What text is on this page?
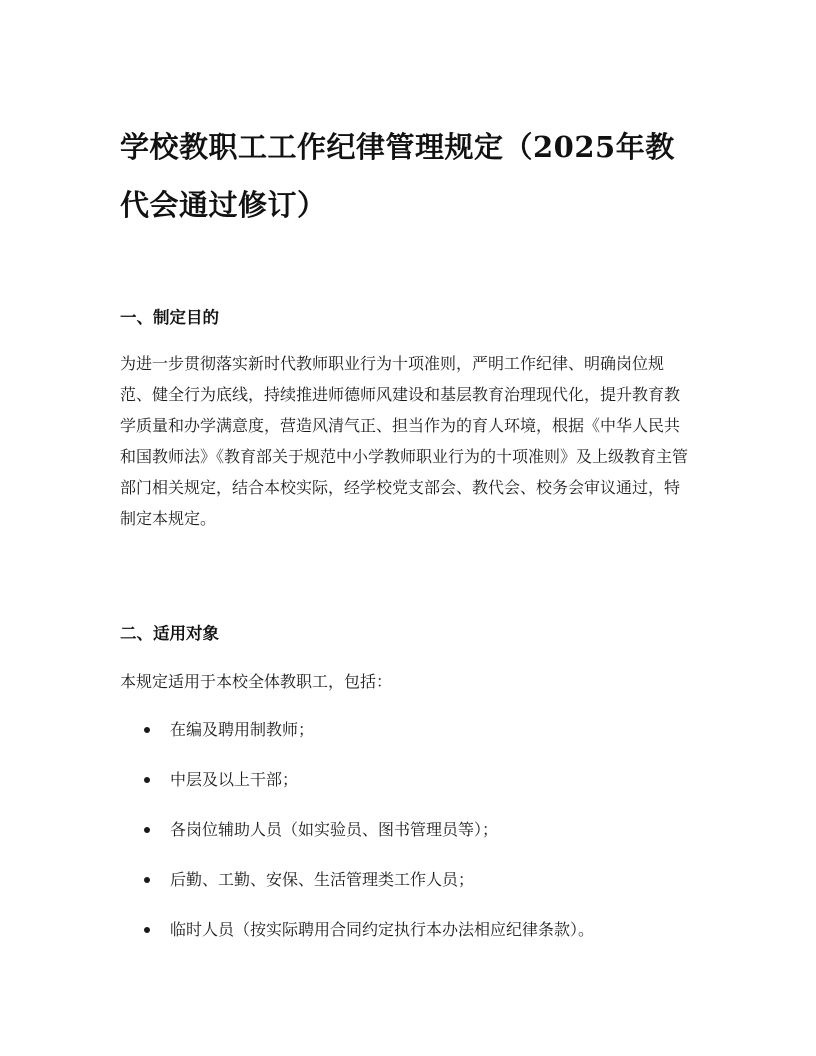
学校教职工工作纪律管理规定（2025年教代会通过修订）
一、制定目的

为进一步贯彻落实新时代教师职业行为十项准则，严明工作纪律、明确岗位规范、健全行为底线，持续推进师德师风建设和基层教育治理现代化，提升教育教学质量和办学满意度，营造风清气正、担当作为的育人环境，根据《中华人民共和国教师法》《教育部关于规范中小学教师职业行为的十项准则》及上级教育主管部门相关规定，结合本校实际，经学校党支部会、教代会、校务会审议通过，特制定本规定。

二、适用对象

本规定适用于本校全体教职工，包括：

在编及聘用制教师；
中层及以上干部；
各岗位辅助人员（如实验员、图书管理员等）；
后勤、工勤、安保、生活管理类工作人员；
临时人员（按实际聘用合同约定执行本办法相应纪律条款）。
